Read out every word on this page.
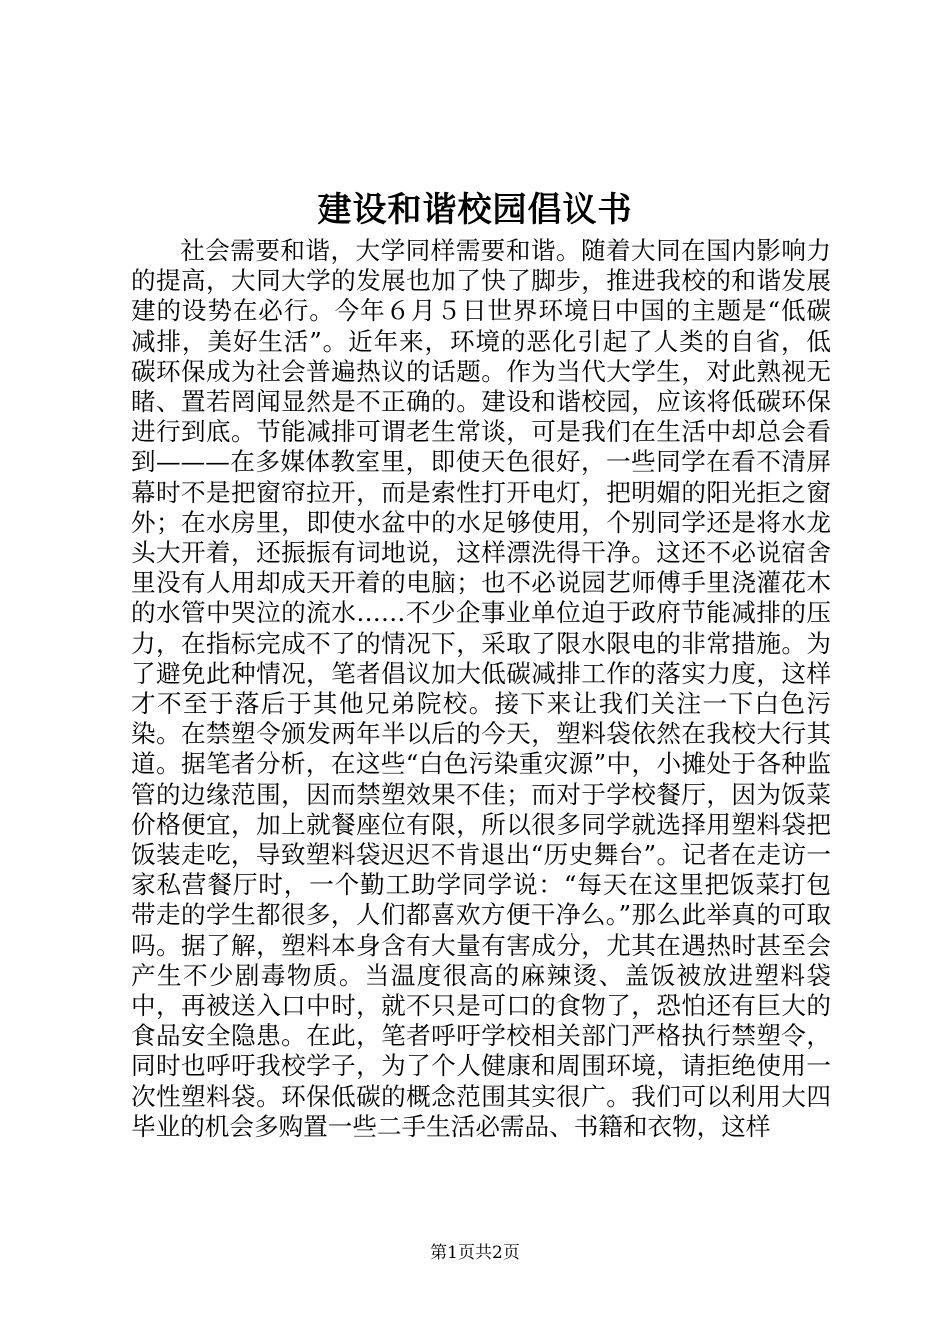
建设和谐校园倡议书

社会需要和谐，大学同样需要和谐。随着大同在国内影响力的提高，大同大学的发展也加了快了脚步，推进我校的和谐发展建的设势在必行。今年６月５日世界环境日中国的主题是“低碳减排，美好生活”。近年来，环境的恶化引起了人类的自省，低碳环保成为社会普遍热议的话题。作为当代大学生，对此熟视无睹、置若罔闻显然是不正确的。建设和谐校园，应该将低碳环保进行到底。节能减排可谓老生常谈，可是我们在生活中却总会看到———在多媒体教室里，即使天色很好，一些同学在看不清屏幕时不是把窗帘拉开，而是索性打开电灯，把明媚的阳光拒之窗外；在水房里，即使水盆中的水足够使用，个别同学还是将水龙头大开着，还振振有词地说，这样漂洗得干净。这还不必说宿舍里没有人用却成天开着的电脑；也不必说园艺师傅手里浇灌花木的水管中哭泣的流水……不少企事业单位迫于政府节能减排的压力，在指标完成不了的情况下，采取了限水限电的非常措施。为了避免此种情况，笔者倡议加大低碳减排工作的落实力度，这样才不至于落后于其他兄弟院校。接下来让我们关注一下白色污染。在禁塑令颁发两年半以后的今天，塑料袋依然在我校大行其道。据笔者分析，在这些“白色污染重灾源”中，小摊处于各种监管的边缘范围，因而禁塑效果不佳；而对于学校餐厅，因为饭菜价格便宜，加上就餐座位有限，所以很多同学就选择用塑料袋把饭装走吃，导致塑料袋迟迟不肯退出“历史舞台”。记者在走访一家私营餐厅时，一个勤工助学同学说：“每天在这里把饭菜打包带走的学生都很多，人们都喜欢方便干净么。”那么此举真的可取吗。据了解，塑料本身含有大量有害成分，尤其在遇热时甚至会产生不少剧毒物质。当温度很高的麻辣烫、盖饭被放进塑料袋中，再被送入口中时，就不只是可口的食物了，恐怕还有巨大的食品安全隐患。在此，笔者呼吁学校相关部门严格执行禁塑令，同时也呼吁我校学子，为了个人健康和周围环境，请拒绝使用一次性塑料袋。环保低碳的概念范围其实很广。我们可以利用大四毕业的机会多购置一些二手生活必需品、书籍和衣物，这样

第1页共2页
